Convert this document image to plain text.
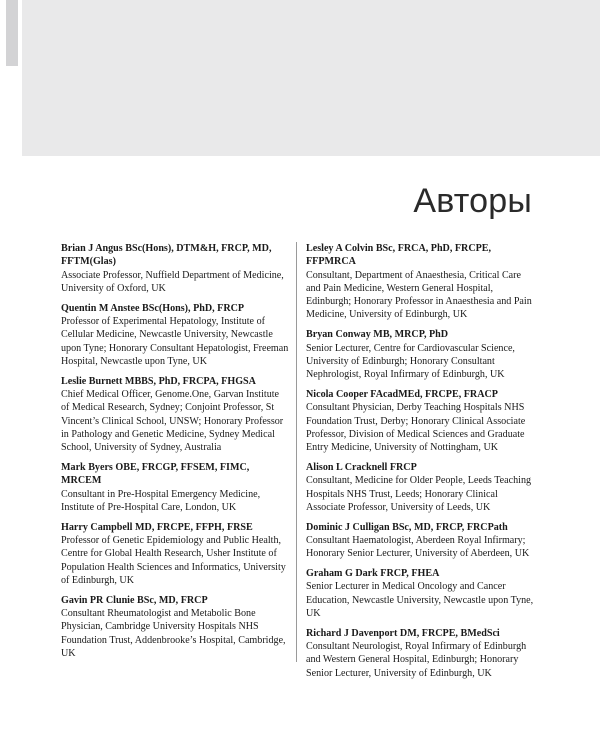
Авторы
Brian J Angus BSc(Hons), DTM&H, FRCP, MD, FFTM(Glas)
Associate Professor, Nuffield Department of Medicine, University of Oxford, UK
Quentin M Anstee BSc(Hons), PhD, FRCP
Professor of Experimental Hepatology, Institute of Cellular Medicine, Newcastle University, Newcastle upon Tyne; Honorary Consultant Hepatologist, Freeman Hospital, Newcastle upon Tyne, UK
Leslie Burnett MBBS, PhD, FRCPA, FHGSA
Chief Medical Officer, Genome.One, Garvan Institute of Medical Research, Sydney; Conjoint Professor, St Vincent’s Clinical School, UNSW; Honorary Professor in Pathology and Genetic Medicine, Sydney Medical School, University of Sydney, Australia
Mark Byers OBE, FRCGP, FFSEM, FIMC, MRCEM
Consultant in Pre-Hospital Emergency Medicine, Institute of Pre-Hospital Care, London, UK
Harry Campbell MD, FRCPE, FFPH, FRSE
Professor of Genetic Epidemiology and Public Health, Centre for Global Health Research, Usher Institute of Population Health Sciences and Informatics, University of Edinburgh, UK
Gavin PR Clunie BSc, MD, FRCP
Consultant Rheumatologist and Metabolic Bone Physician, Cambridge University Hospitals NHS Foundation Trust, Addenbrooke’s Hospital, Cambridge, UK
Lesley A Colvin BSc, FRCA, PhD, FRCPE, FFPMRCA
Consultant, Department of Anaesthesia, Critical Care and Pain Medicine, Western General Hospital, Edinburgh; Honorary Professor in Anaesthesia and Pain Medicine, University of Edinburgh, UK
Bryan Conway MB, MRCP, PhD
Senior Lecturer, Centre for Cardiovascular Science, University of Edinburgh; Honorary Consultant Nephrologist, Royal Infirmary of Edinburgh, UK
Nicola Cooper FAcadMEd, FRCPE, FRACP
Consultant Physician, Derby Teaching Hospitals NHS Foundation Trust, Derby; Honorary Clinical Associate Professor, Division of Medical Sciences and Graduate Entry Medicine, University of Nottingham, UK
Alison L Cracknell FRCP
Consultant, Medicine for Older People, Leeds Teaching Hospitals NHS Trust, Leeds; Honorary Clinical Associate Professor, University of Leeds, UK
Dominic J Culligan BSc, MD, FRCP, FRCPath
Consultant Haematologist, Aberdeen Royal Infirmary; Honorary Senior Lecturer, University of Aberdeen, UK
Graham G Dark FRCP, FHEA
Senior Lecturer in Medical Oncology and Cancer Education, Newcastle University, Newcastle upon Tyne, UK
Richard J Davenport DM, FRCPE, BMedSci
Consultant Neurologist, Royal Infirmary of Edinburgh and Western General Hospital, Edinburgh; Honorary Senior Lecturer, University of Edinburgh, UK
